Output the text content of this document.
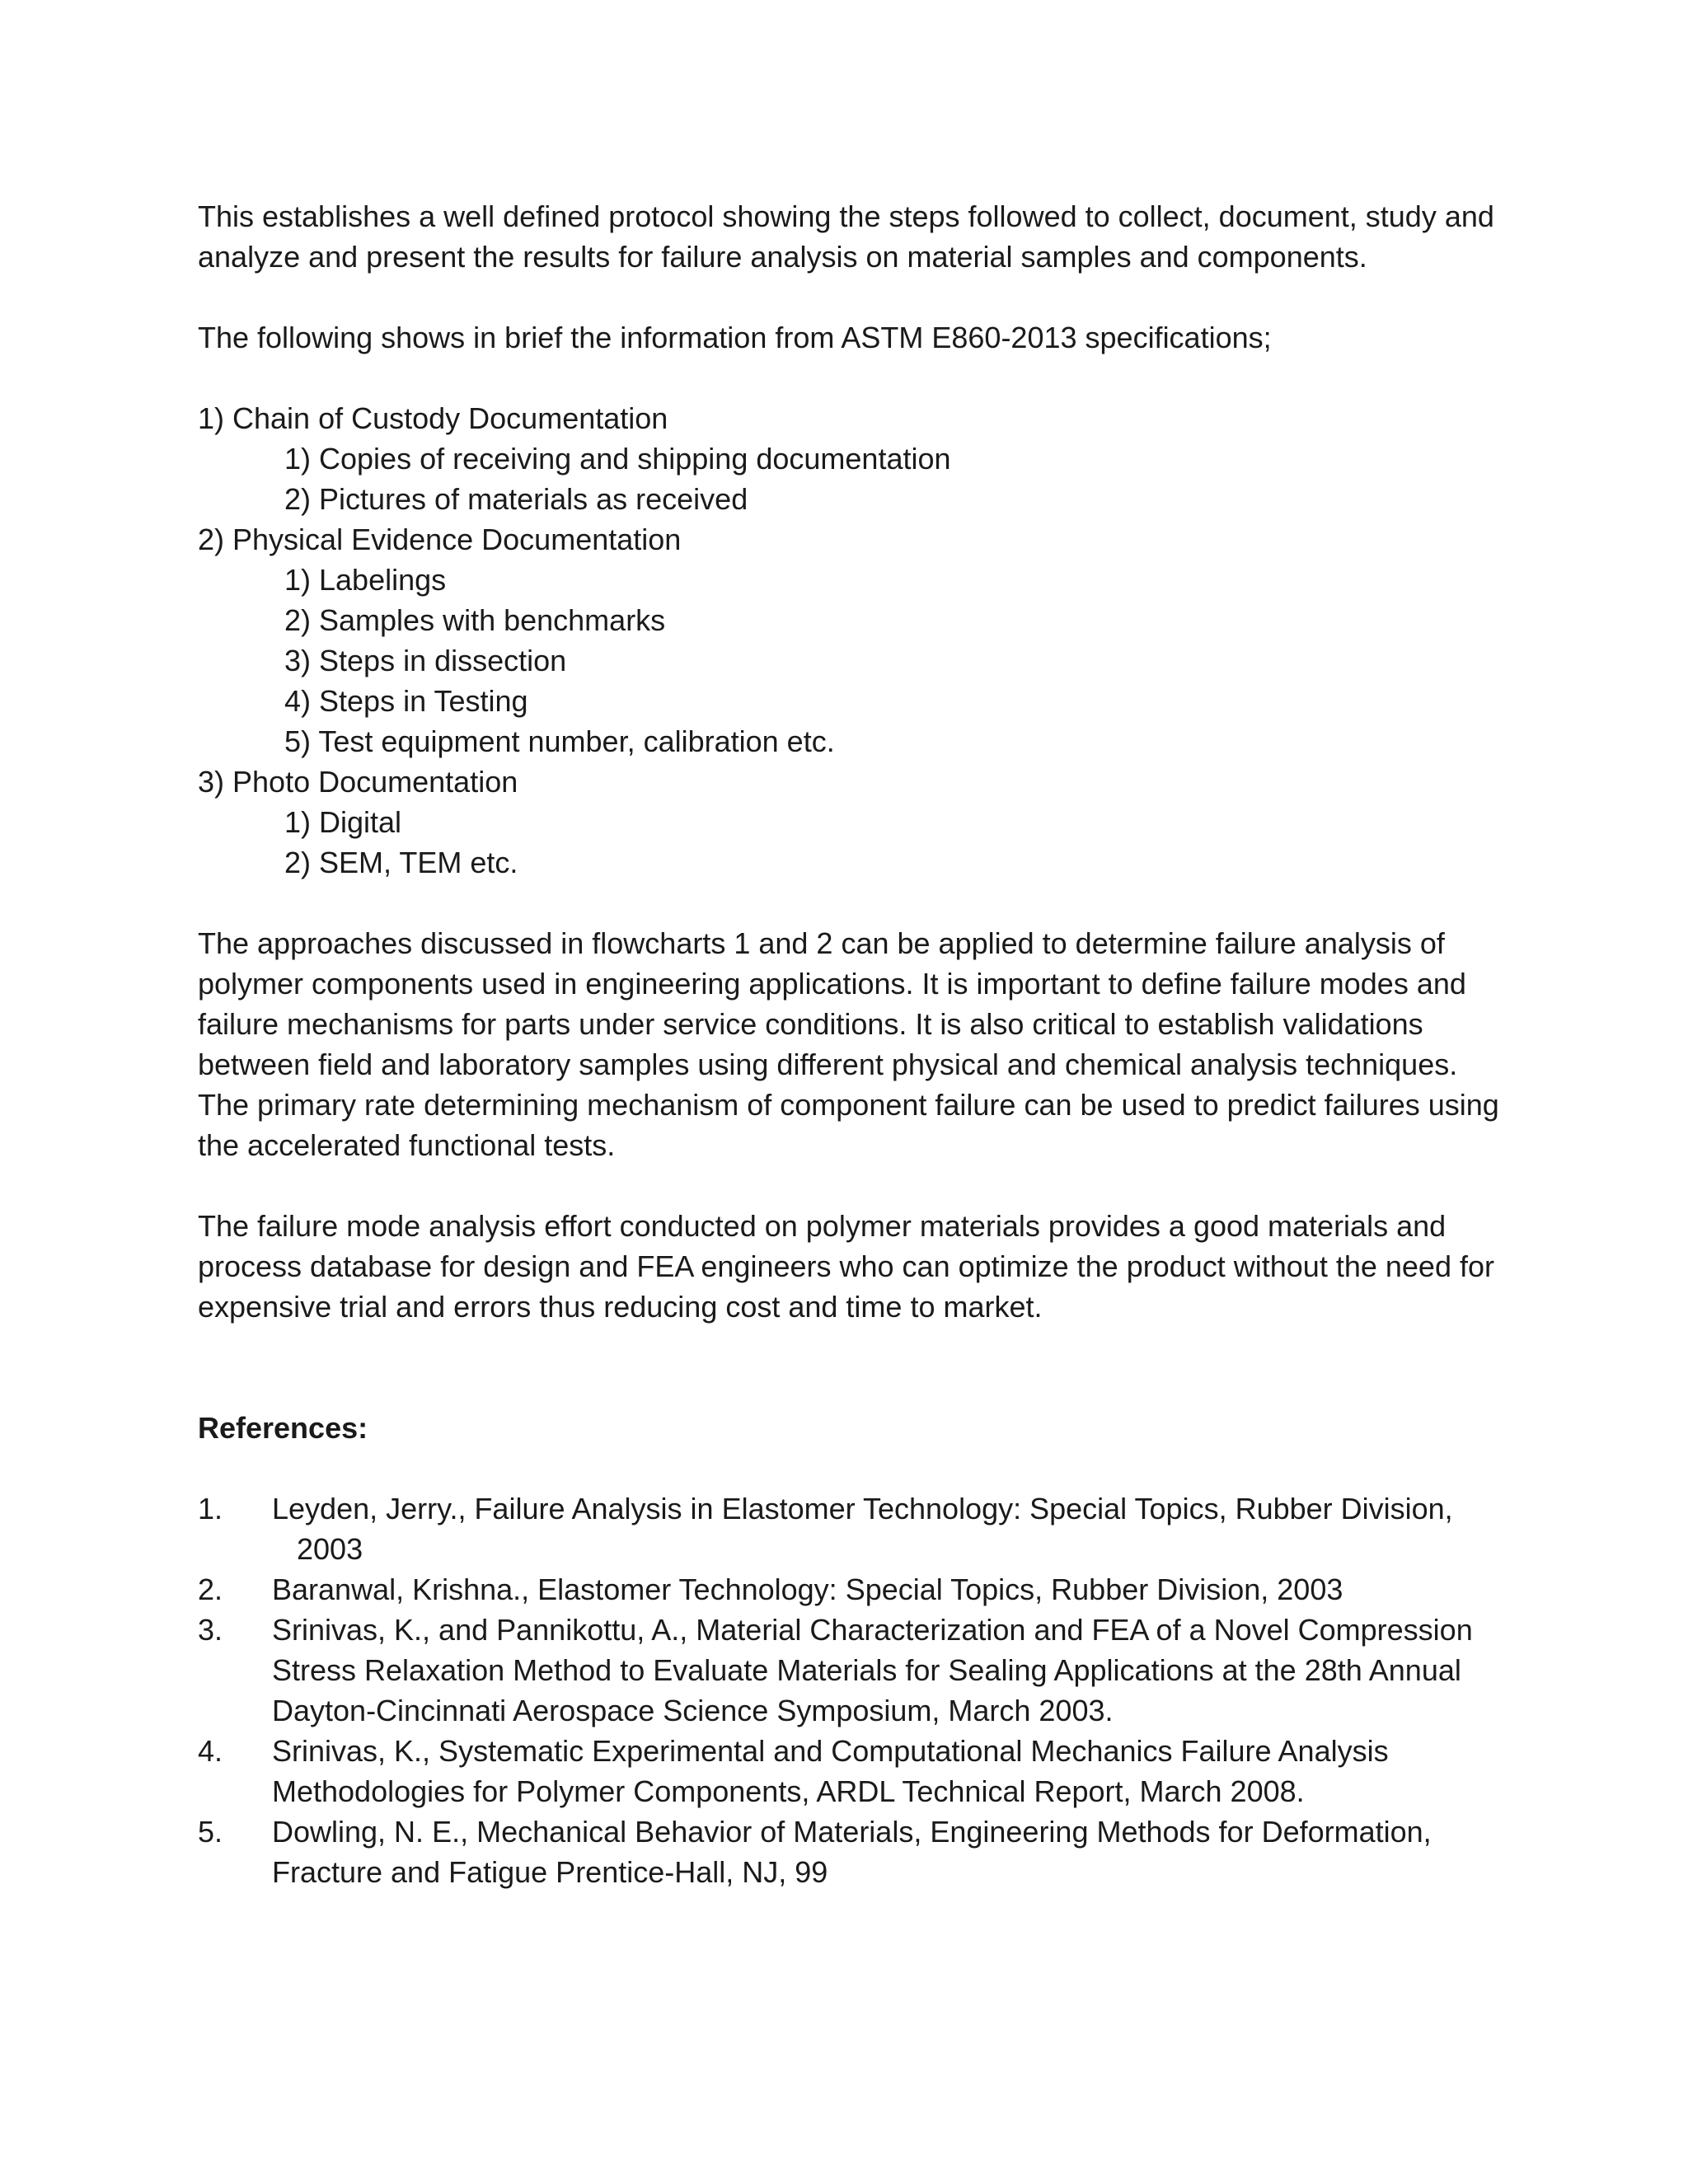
This establishes a well defined protocol showing the steps followed to collect, document, study and analyze and present the results for failure analysis on material samples and components.

The following shows in brief the information from ASTM E860-2013 specifications;

1) Chain of Custody Documentation

1) Copies of receiving and shipping documentation

2) Pictures of materials as received

2) Physical Evidence Documentation

1) Labelings

2) Samples with benchmarks

3) Steps in dissection

4) Steps in Testing

5) Test equipment number, calibration etc.

3) Photo Documentation

1) Digital

2) SEM, TEM etc.

The approaches discussed in flowcharts 1 and 2 can be applied to determine failure analysis of polymer components used in engineering applications. It is important to define failure modes and failure mechanisms for parts under service conditions. It is also critical to establish validations between field and laboratory samples using different physical and chemical analysis techniques. The primary rate determining mechanism of component failure can be used to predict failures using the accelerated functional tests.

The failure mode analysis effort conducted on polymer materials provides a good materials and process database for design and FEA engineers who can optimize the product without the need for expensive trial and errors thus reducing cost and time to market.

References:

1.	Leyden, Jerry., Failure Analysis in Elastomer Technology: Special Topics, Rubber Division, 2003
2.	Baranwal, Krishna., Elastomer Technology: Special Topics, Rubber Division, 2003
3.	Srinivas, K., and Pannikottu, A., Material Characterization and FEA of a Novel Compression Stress Relaxation Method to Evaluate Materials for Sealing Applications at the 28th Annual Dayton-Cincinnati Aerospace Science Symposium, March 2003.
4.	Srinivas, K., Systematic Experimental and Computational Mechanics Failure Analysis Methodologies for Polymer Components, ARDL Technical Report, March 2008.
5.	Dowling, N. E., Mechanical Behavior of Materials, Engineering Methods for Deformation, Fracture and Fatigue Prentice-Hall, NJ, 99
